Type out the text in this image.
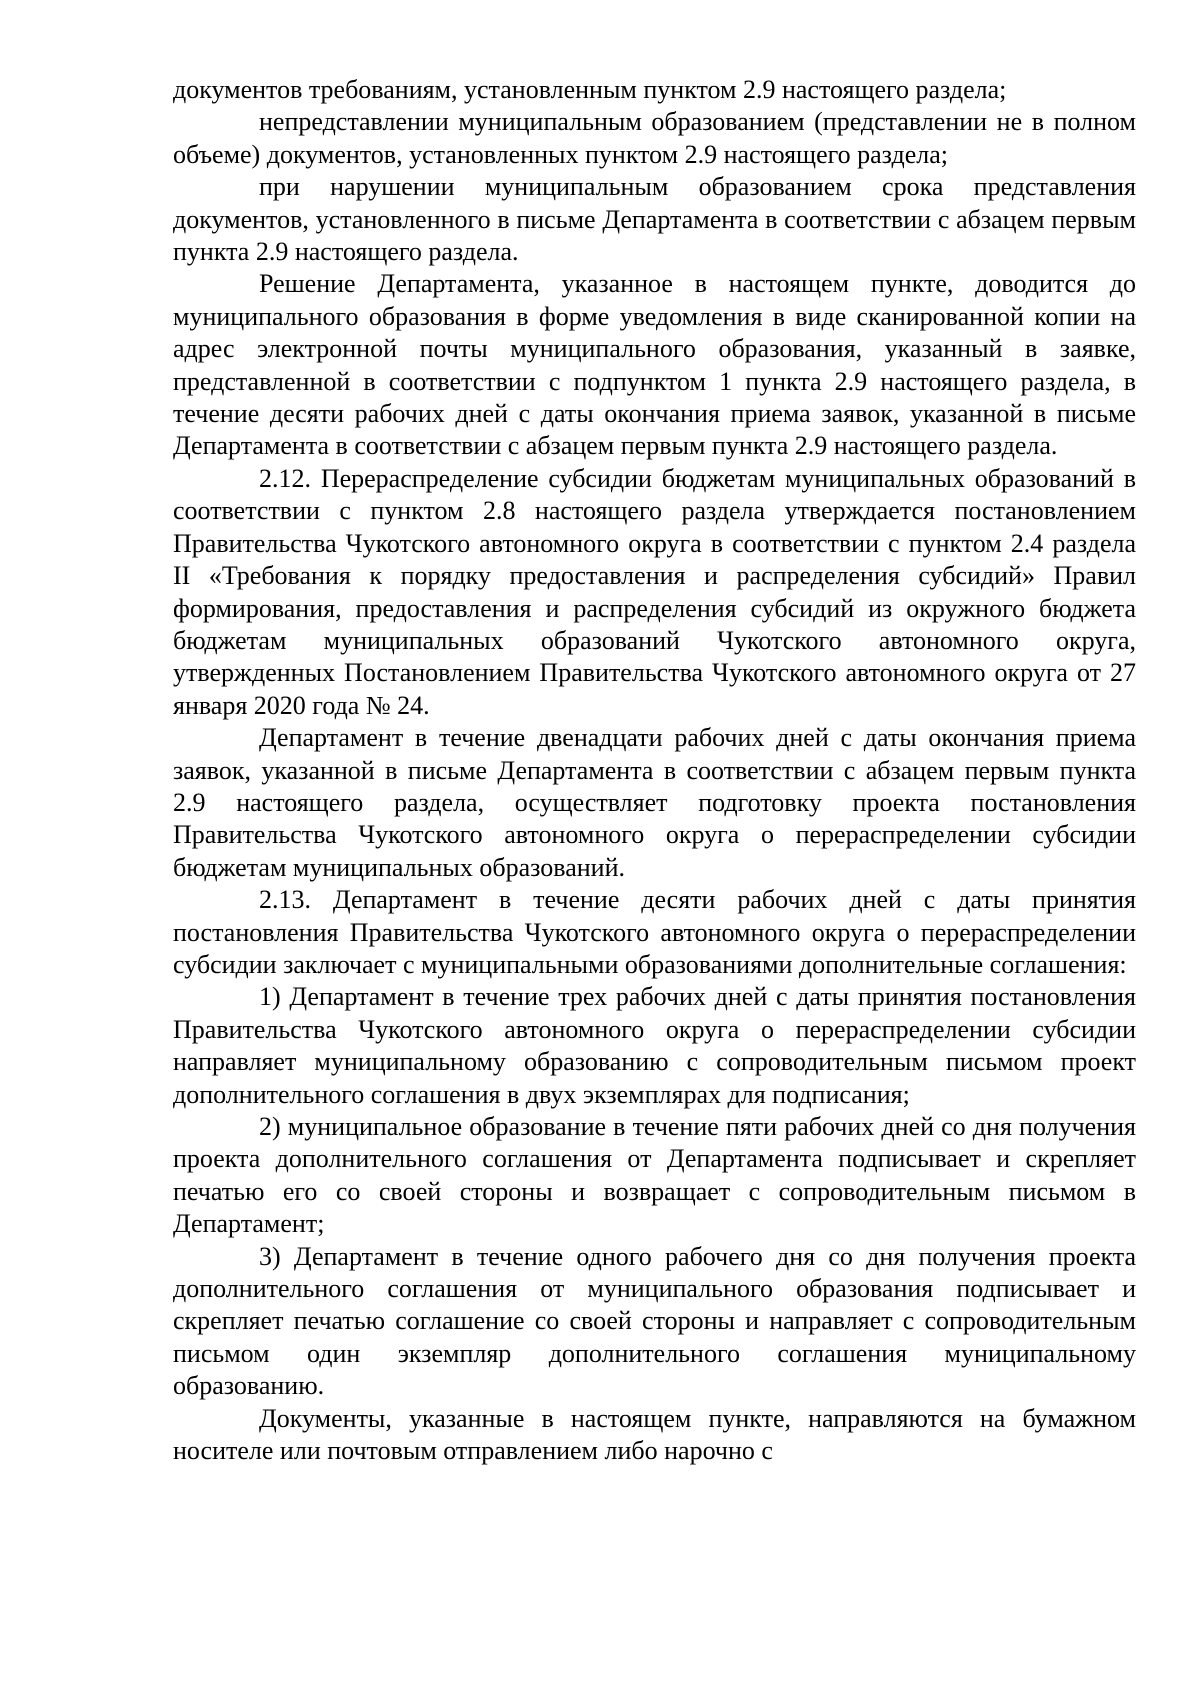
документов требованиям, установленным пунктом 2.9 настоящего раздела;

непредставлении муниципальным образованием (представлении не в полном объеме) документов, установленных пунктом 2.9 настоящего раздела;

при нарушении муниципальным образованием срока представления документов, установленного в письме Департамента в соответствии с абзацем первым пункта 2.9 настоящего раздела.

Решение Департамента, указанное в настоящем пункте, доводится до муниципального образования в форме уведомления в виде сканированной копии на адрес электронной почты муниципального образования, указанный в заявке, представленной в соответствии с подпунктом 1 пункта 2.9 настоящего раздела, в течение десяти рабочих дней с даты окончания приема заявок, указанной в письме Департамента в соответствии с абзацем первым пункта 2.9 настоящего раздела.

2.12. Перераспределение субсидии бюджетам муниципальных образований в соответствии с пунктом 2.8 настоящего раздела утверждается постановлением Правительства Чукотского автономного округа в соответствии с пунктом 2.4 раздела II «Требования к порядку предоставления и распределения субсидий» Правил формирования, предоставления и распределения субсидий из окружного бюджета бюджетам муниципальных образований Чукотского автономного округа, утвержденных Постановлением Правительства Чукотского автономного округа от 27 января 2020 года № 24.

Департамент в течение двенадцати рабочих дней с даты окончания приема заявок, указанной в письме Департамента в соответствии с абзацем первым пункта 2.9 настоящего раздела, осуществляет подготовку проекта постановления Правительства Чукотского автономного округа о перераспределении субсидии бюджетам муниципальных образований.

2.13. Департамент в течение десяти рабочих дней с даты принятия постановления Правительства Чукотского автономного округа о перераспределении субсидии заключает с муниципальными образованиями дополнительные соглашения:

1) Департамент в течение трех рабочих дней с даты принятия постановления Правительства Чукотского автономного округа о перераспределении субсидии направляет муниципальному образованию с сопроводительным письмом проект дополнительного соглашения в двух экземплярах для подписания;

2) муниципальное образование в течение пяти рабочих дней со дня получения проекта дополнительного соглашения от Департамента подписывает и скрепляет печатью его со своей стороны и возвращает с сопроводительным письмом в Департамент;

3) Департамент в течение одного рабочего дня со дня получения проекта дополнительного соглашения от муниципального образования подписывает и скрепляет печатью соглашение со своей стороны и направляет с сопроводительным письмом один экземпляр дополнительного соглашения муниципальному образованию.

Документы, указанные в настоящем пункте, направляются на бумажном носителе или почтовым отправлением либо нарочно с
